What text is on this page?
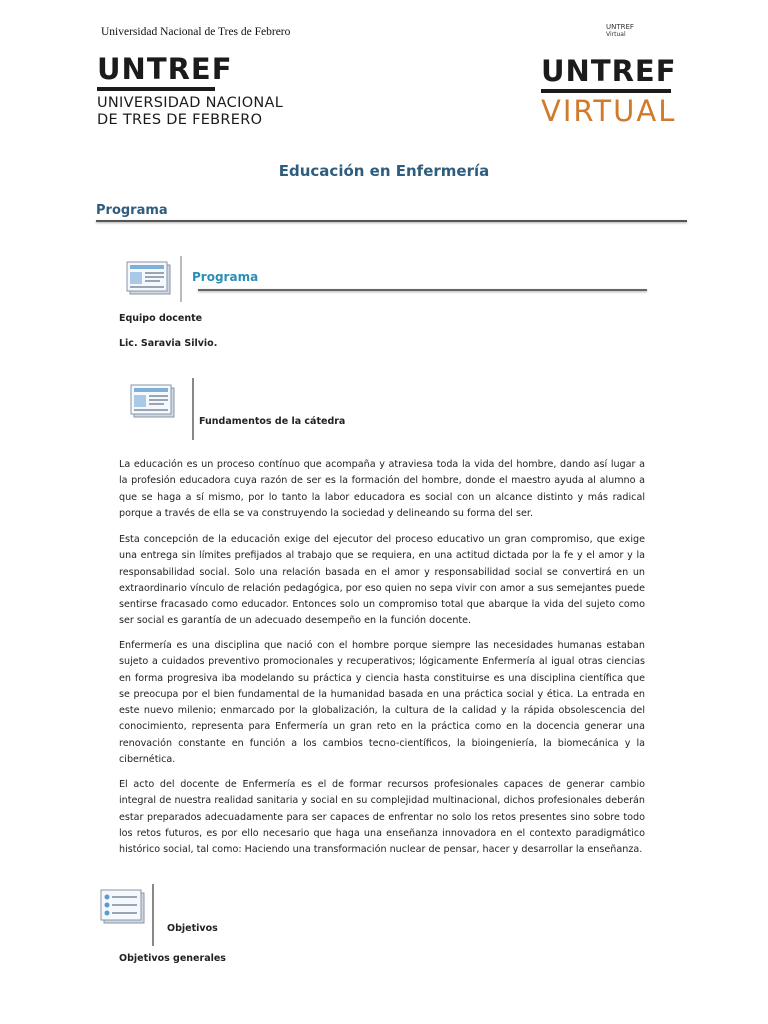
Universidad Nacional de Tres de Febrero	UNTREF
Virtual
UNTREF
UNIVERSIDAD NACIONAL
DE TRES DE FEBRERO
UNTREF
VIRTUAL
Educación en Enfermería
Programa
Programa
Equipo docente
Lic. Saravia Silvio.
Fundamentos de la cátedra
La educación es un proceso contínuo que acompaña y atraviesa toda la vida del hombre, dando así lugar a la profesión educadora cuya razón de ser es la formación del hombre, donde el maestro ayuda al alumno a que se haga a sí mismo, por lo tanto la labor educadora es social con un alcance distinto y más radical porque a través de ella se va construyendo la sociedad y delineando su forma del ser.
Esta concepción de la educación exige del ejecutor del proceso educativo un gran compromiso, que exige una entrega sin límites prefijados al trabajo que se requiera, en una actitud dictada por la fe y el amor y la responsabilidad social. Solo una relación basada en el amor y responsabilidad social se convertirá en un extraordinario vínculo de relación pedagógica, por eso quien no sepa vivir con amor a sus semejantes puede sentirse fracasado como educador. Entonces solo un compromiso total que abarque la vida del sujeto como ser social es garantía de un adecuado desempeño en la función docente.
Enfermería es una disciplina que nació con el hombre porque siempre las necesidades humanas estaban sujeto a cuidados preventivo promocionales y recuperativos; lógicamente Enfermería al igual otras ciencias en forma progresiva iba modelando su práctica y ciencia hasta constituirse es una disciplina científica que se preocupa por el bien fundamental de la humanidad basada en una práctica social y ética. La entrada en este nuevo milenio; enmarcado por la globalización, la cultura de la calidad y la rápida obsolescencia del conocimiento, representa para Enfermería un gran reto en la práctica como en la docencia generar una renovación constante en función a los cambios tecno-científicos, la bioingeniería, la biomecánica y la cibernética.
El acto del docente de Enfermería es el de formar recursos profesionales capaces de generar cambio integral de nuestra realidad sanitaria y social en su complejidad multinacional, dichos profesionales deberán estar preparados adecuadamente para ser capaces de enfrentar no solo los retos presentes sino sobre todo los retos futuros, es por ello necesario que haga una enseñanza innovadora en el contexto paradigmático histórico social, tal como: Haciendo una transformación nuclear de pensar, hacer y desarrollar la enseñanza.
Objetivos
Objetivos generales
